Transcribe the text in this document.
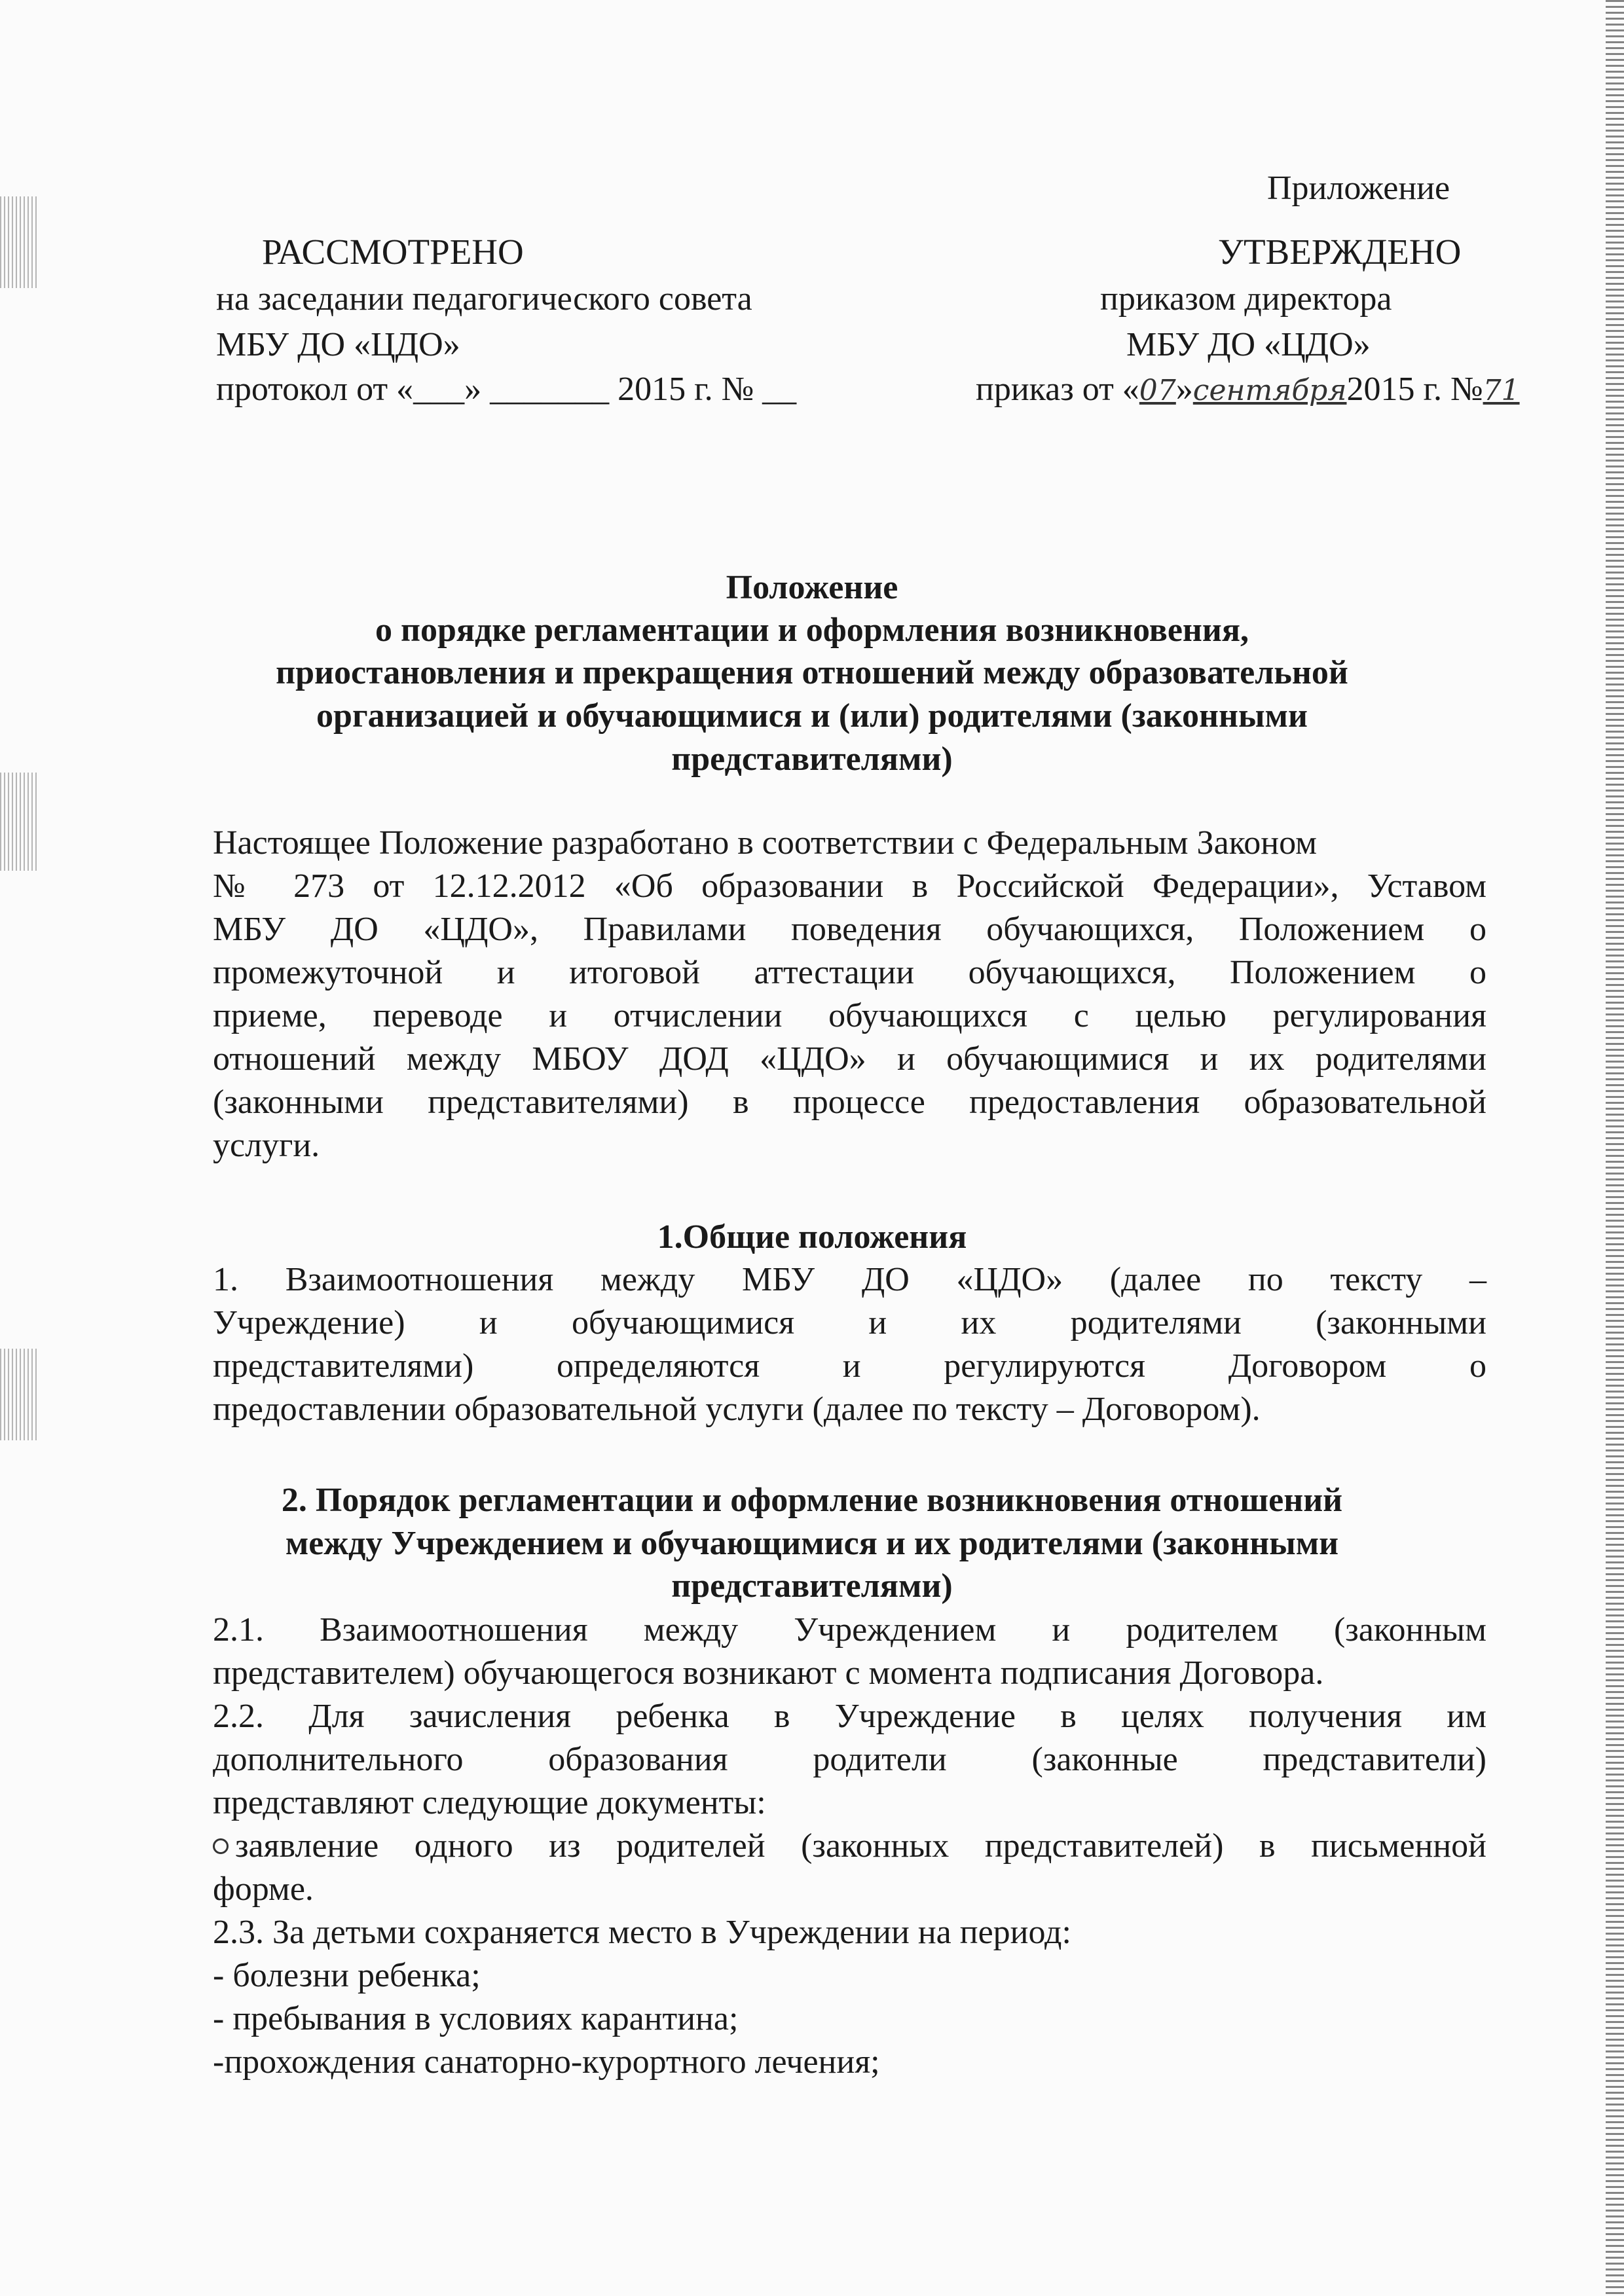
Приложение
РАССМОТРЕНО
на заседании педагогического совета
МБУ ДО «ЦДО»
протокол от «___» _______ 2015 г. № __
УТВЕРЖДЕНО
приказом директора
МБУ ДО «ЦДО»
приказ от «07»сентября2015 г. №71
Положение
о порядке регламентации и оформления возникновения,
приостановления и прекращения отношений между образовательной
организацией и обучающимися и (или) родителями (законными
представителями)
Настоящее Положение разработано в соответствии с Федеральным Законом
№ 273 от 12.12.2012 «Об образовании в Российской Федерации», Уставом
МБУ ДО «ЦДО», Правилами поведения обучающихся, Положением о
промежуточной и итоговой аттестации обучающихся, Положением о
приеме, переводе и отчислении обучающихся с целью регулирования
отношений между МБОУ ДОД «ЦДО» и обучающимися и их родителями
(законными представителями) в процессе предоставления образовательной
услуги.
1.Общие положения
1. Взаимоотношения между МБУ ДО «ЦДО» (далее по тексту –
Учреждение) и обучающимися и их родителями (законными
представителями) определяются и регулируются Договором о
предоставлении образовательной услуги (далее по тексту – Договором).
2. Порядок регламентации и оформление возникновения отношений
между Учреждением и обучающимися и их родителями (законными
представителями)
2.1. Взаимоотношения между Учреждением и родителем (законным
представителем) обучающегося возникают с момента подписания Договора.
2.2. Для зачисления ребенка в Учреждение в целях получения им
дополнительного образования родители (законные представители)
представляют следующие документы:
заявление одного из родителей (законных представителей) в письменной
форме.
2.3. За детьми сохраняется место в Учреждении на период:
- болезни ребенка;
- пребывания в условиях карантина;
-прохождения санаторно-курортного лечения;
